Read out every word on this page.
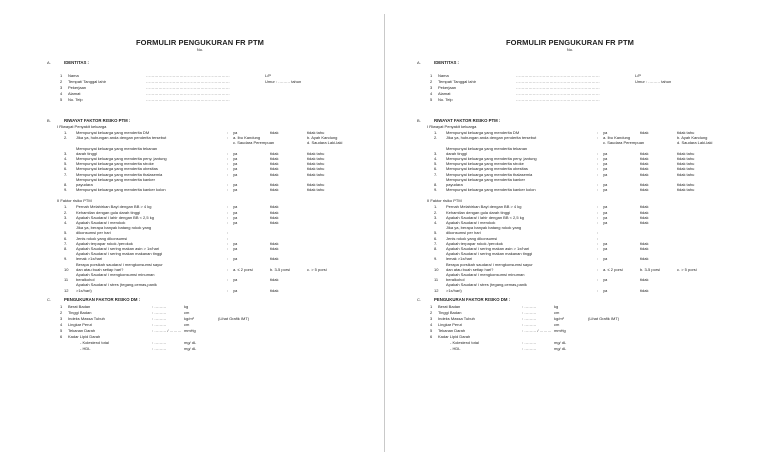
FORMULIR PENGUKURAN FR PTM
No.
A.	IDENTITAS :
1 Nama	……………………………………………………	L/P
2 Tempat/ Tanggal lahir	……………………………………………………	Umur : ……… tahun
3 Pekerjaan	……………………………………………………
4 Alamat	……………………………………………………
5 No. Telp	……………………………………………………
B.	RIWAYAT FAKTOR RISIKO PTM :
I Riwayat Penyakit keluarga
1. Mempunyai keluarga yang menderita DM	: ya	tidak	tidak tahu
2. Jika ya, hubungan anda dengan penderita tersebut	: a. Ibu Kandung	b. Ayah Kandung
c. Saudara Perempuan	d. Saudara Laki-laki
Mempunyai keluarga yang menderita tekanan
3. darah tinggi	: ya	tidak	tidak tahu
4. Mempunyai keluarga yang menderita peny. jantung	: ya	tidak	tidak tahu
5. Mempunyai keluarga yang menderita stroke	: ya	tidak	tidak tahu
6. Mempunyai keluarga yang menderita obesitas	: ya	tidak	tidak tahu
7. Mempunyai keluarga yang menderita thalasemia	: ya	tidak	tidak tahu
Mempunyai keluarga yang menderita kanker
8. payudara	: ya	tidak	tidak tahu
9. Mempunyai keluarga yang menderita kanker kolon	: ya	tidak	tidak tahu
II Faktor risiko PTM
1. Pernah Melahirkan Bayi dengan BB > 4 kg	: ya	tidak
2. Kehamilan dengan gula darah tinggi	: ya	tidak
3. Apakah Saudara/ i lahir dengan BB < 2,5 kg	: ya	tidak
4. Apakah Saudara/ i merokok	: ya	tidak
Jika ya, berapa banyak batang rokok yang
5. dikonsumsi per hari	:
6. Jenis rokok yang dikonsumsi	:
7. Apakah terpapar rokok /perokok	: ya	tidak
8. Apakah Saudara/ i sering makan asin > 1x/hari	: ya	tidak
Apakah Saudara/ i sering makan makanan tinggi
9. lemak >1x/hari	: ya	tidak
Berapa porsikah saudara/ i mengkonsumsi sayur
10 dan atau buah setiap hari?	: a. ≤ 2 porsi	b. 3-5 porsi	c. > 5 porsi
Apakah Saudara/ i mengkonsumsi minuman
11 beralkohol	: ya	tidak
Apakah Saudara/ i stres (tegang,cemas,panik
12 >1x/hari)	: ya	tidak
C.	PENGUKURAN FAKTOR RISIKO DM :
1 Berat Badan	: ………	kg
2 Tinggi Badan	: ………	cm
3 Indeks Massa Tubuh	: ………	kg/m²	(Lihat Grafik IMT)
4 Lingkar Perut	: ………	cm
5 Tekanan Darah	: ……… / ……… mmHg
6 Kadar Lipid Darah
- Kolesterol total	: ………	mg/ dL
- HDL	: ………	mg/ dL
FORMULIR PENGUKURAN FR PTM
No.
A.	IDENTITAS :
1 Nama	……………………………………………………	L/P
2 Tempat/ Tanggal lahir	……………………………………………………	Umur : ……… tahun
3 Pekerjaan	……………………………………………………
4 Alamat	……………………………………………………
5 No. Telp	……………………………………………………
B.	RIWAYAT FAKTOR RISIKO PTM :
I Riwayat Penyakit keluarga
1. Mempunyai keluarga yang menderita DM	: ya	tidak	tidak tahu
2. Jika ya, hubungan anda dengan penderita tersebut	: a. Ibu Kandung	b. Ayah Kandung
c. Saudara Perempuan	d. Saudara Laki-laki
Mempunyai keluarga yang menderita tekanan
3. darah tinggi	: ya	tidak	tidak tahu
4. Mempunyai keluarga yang menderita peny. jantung	: ya	tidak	tidak tahu
5. Mempunyai keluarga yang menderita stroke	: ya	tidak	tidak tahu
6. Mempunyai keluarga yang menderita obesitas	: ya	tidak	tidak tahu
7. Mempunyai keluarga yang menderita thalasemia	: ya	tidak	tidak tahu
Mempunyai keluarga yang menderita kanker
8. payudara	: ya	tidak	tidak tahu
9. Mempunyai keluarga yang menderita kanker kolon	: ya	tidak	tidak tahu
II Faktor risiko PTM
1. Pernah Melahirkan Bayi dengan BB > 4 kg	: ya	tidak
2. Kehamilan dengan gula darah tinggi	: ya	tidak
3. Apakah Saudara/ i lahir dengan BB < 2,5 kg	: ya	tidak
4. Apakah Saudara/ i merokok	: ya	tidak
Jika ya, berapa banyak batang rokok yang
5. dikonsumsi per hari	:
6. Jenis rokok yang dikonsumsi	:
7. Apakah terpapar rokok /perokok	: ya	tidak
8. Apakah Saudara/ i sering makan asin > 1x/hari	: ya	tidak
Apakah Saudara/ i sering makan makanan tinggi
9. lemak >1x/hari	: ya	tidak
Berapa porsikah saudara/ i mengkonsumsi sayur
10 dan atau buah setiap hari?	: a. ≤ 2 porsi	b. 3-5 porsi	c. > 5 porsi
Apakah Saudara/ i mengkonsumsi minuman
11 beralkohol	: ya	tidak
Apakah Saudara/ i stres (tegang,cemas,panik
12 >1x/hari)	: ya	tidak
C.	PENGUKURAN FAKTOR RISIKO DM :
1 Berat Badan	: ………	kg
2 Tinggi Badan	: ………	cm
3 Indeks Massa Tubuh	: ………	kg/m²	(Lihat Grafik IMT)
4 Lingkar Perut	: ………	cm
5 Tekanan Darah	: ……… / ……… mmHg
6 Kadar Lipid Darah
- Kolesterol total	: ………	mg/ dL
- HDL	: ………	mg/ dL
